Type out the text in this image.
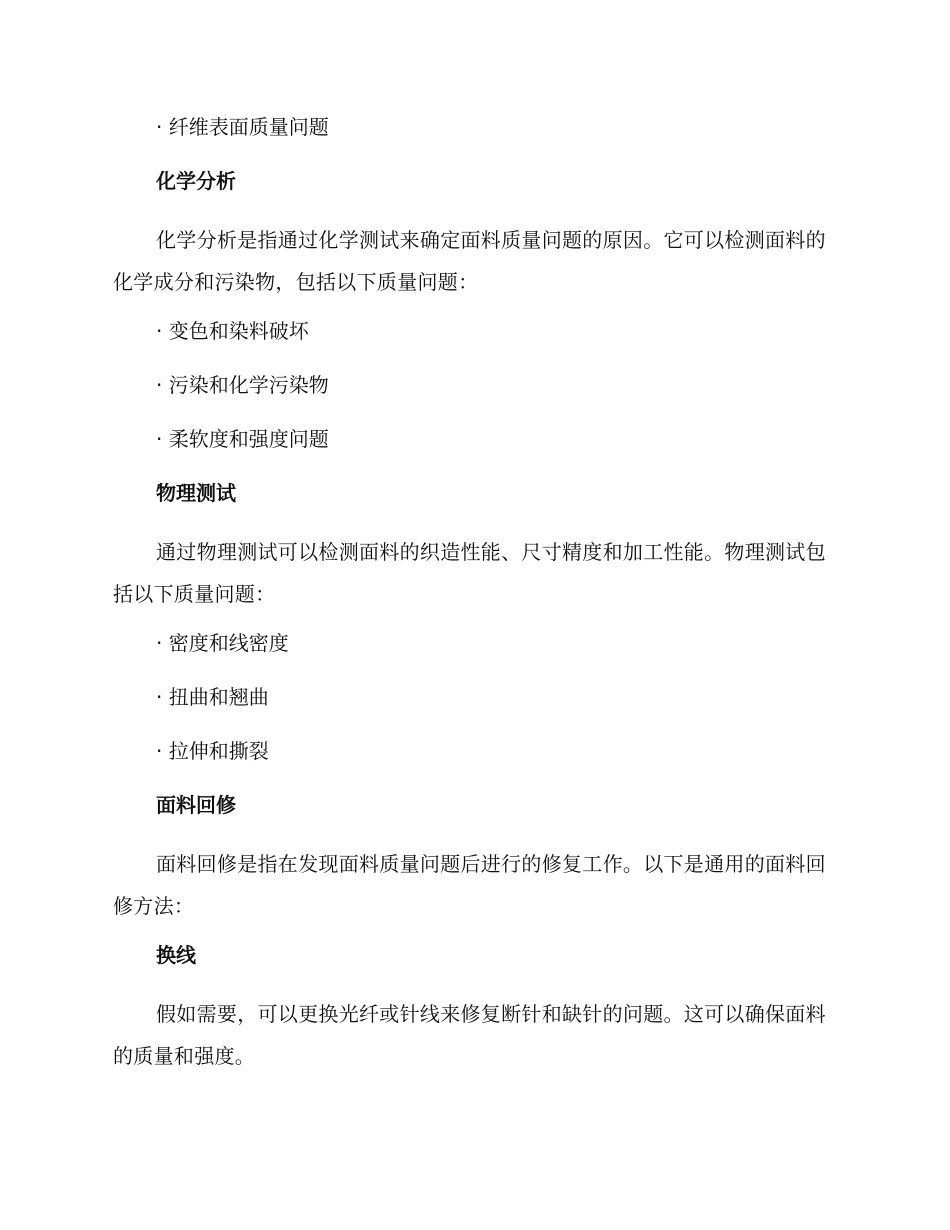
· 纤维表面质量问题

化学分析

化学分析是指通过化学测试来确定面料质量问题的原因。它可以检测面料的化学成分和污染物，包括以下质量问题：

· 变色和染料破坏

· 污染和化学污染物

· 柔软度和强度问题

物理测试

通过物理测试可以检测面料的织造性能、尺寸精度和加工性能。物理测试包括以下质量问题：

· 密度和线密度

· 扭曲和翘曲

· 拉伸和撕裂

面料回修

面料回修是指在发现面料质量问题后进行的修复工作。以下是通用的面料回修方法：

换线

假如需要，可以更换光纤或针线来修复断针和缺针的问题。这可以确保面料的质量和强度。
